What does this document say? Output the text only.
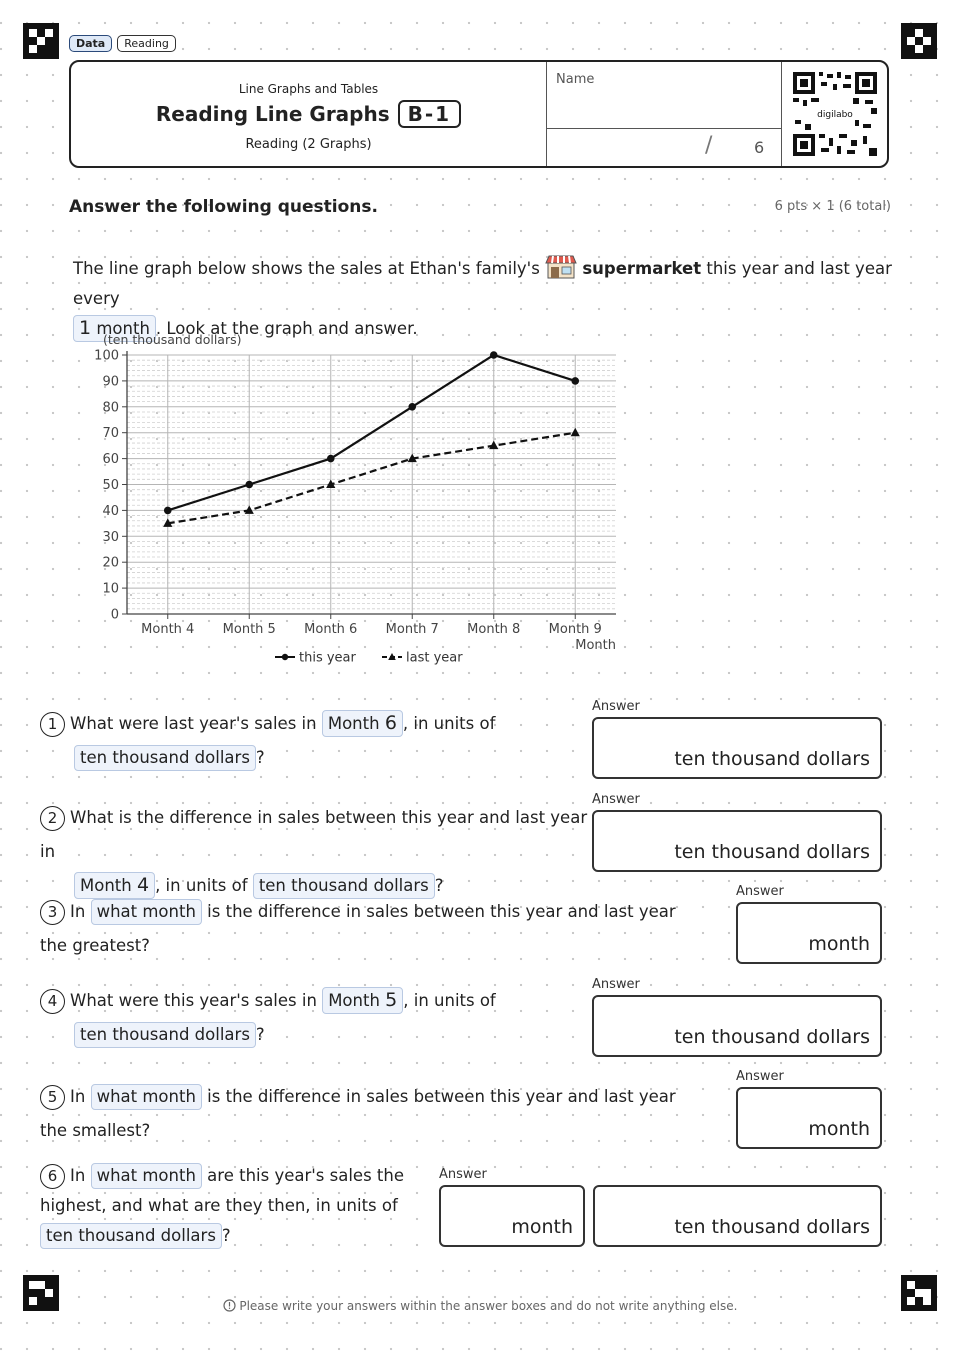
Data	Reading
Line Graphs and Tables
Reading Line Graphs B-1
Reading (2 Graphs)
Name
/	6
digilabo
Answer the following questions.	6 pts × 1 (6 total)
The line graph below shows the sales at Ethan's family's	supermarket this year and last year every
1 month . Look at the graph and answer.
0
10
20
30
40
50
60
70
80
90
100
Month 4 Month 5 Month 6 Month 7 Month 8 Month 9
(ten thousand dollars)
Month
this year	last year
1 What were last year's sales in Month 6 , in units of
ten thousand dollars ?
Answer
ten thousand dollars
2 What is the difference in sales between this year and last year in
Month 4 , in units of ten thousand dollars ?
Answer
ten thousand dollars
3 In what month is the difference in sales between this year and last year the greatest?
Answer
month
4 What were this year's sales in Month 5 , in units of
ten thousand dollars ?
Answer
ten thousand dollars
5 In what month is the difference in sales between this year and last year the smallest?
Answer
month
6 In what month are this year's sales the highest, and what are they then, in units of ten thousand dollars ?
Answer
month	ten thousand dollars
Please write your answers within the answer boxes and do not write anything else.
